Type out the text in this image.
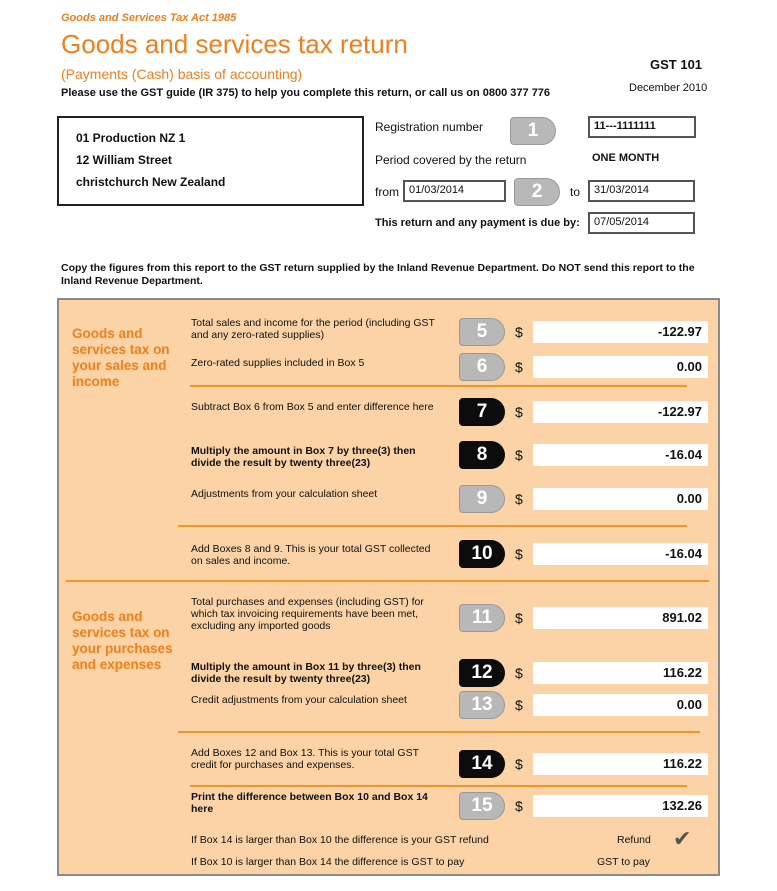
Goods and Services Tax Act 1985
Goods and services tax return
(Payments (Cash) basis of accounting)
Please use the GST guide (IR 375) to help you complete this return, or call us on 0800 377 776
GST 101
December 2010
01 Production NZ 1
12 William Street
christchurch New Zealand
Registration number	1	11---1111111
Period covered by the return	ONE MONTH
from 01/03/2014	2	to	31/03/2014
This return and any payment is due by:	07/05/2014
Copy the figures from this report to the GST return supplied by the Inland Revenue Department. Do NOT send this report to the Inland Revenue Department.
Goods and services tax on your sales and income
Goods and services tax on your purchases and expenses
Total sales and income for the period (including GST and any zero-rated supplies)	5	$	-122.97
Zero-rated supplies included in Box 5	6	$	0.00
Subtract Box 6 from Box 5 and enter difference here	7	$	-122.97
Multiply the amount in Box 7 by three(3) then divide the result by twenty three(23)	8	$	-16.04
Adjustments from your calculation sheet	9	$	0.00
Add Boxes 8 and 9. This is your total GST collected on sales and income.	10	$	-16.04
Total purchases and expenses (including GST) for which tax invoicing requirements have been met, excluding any imported goods	11	$	891.02
Multiply the amount in Box 11 by three(3) then divide the result by twenty three(23)	12	$	116.22
Credit adjustments from your calculation sheet	13	$	0.00
Add Boxes 12 and Box 13. This is your total GST credit for purchases and expenses.	14	$	116.22
Print the difference between Box 10 and Box 14 here	15	$	132.26
If Box 14 is larger than Box 10 the difference is your GST refund	Refund ✔
If Box 10 is larger than Box 14 the difference is GST to pay	GST to pay
